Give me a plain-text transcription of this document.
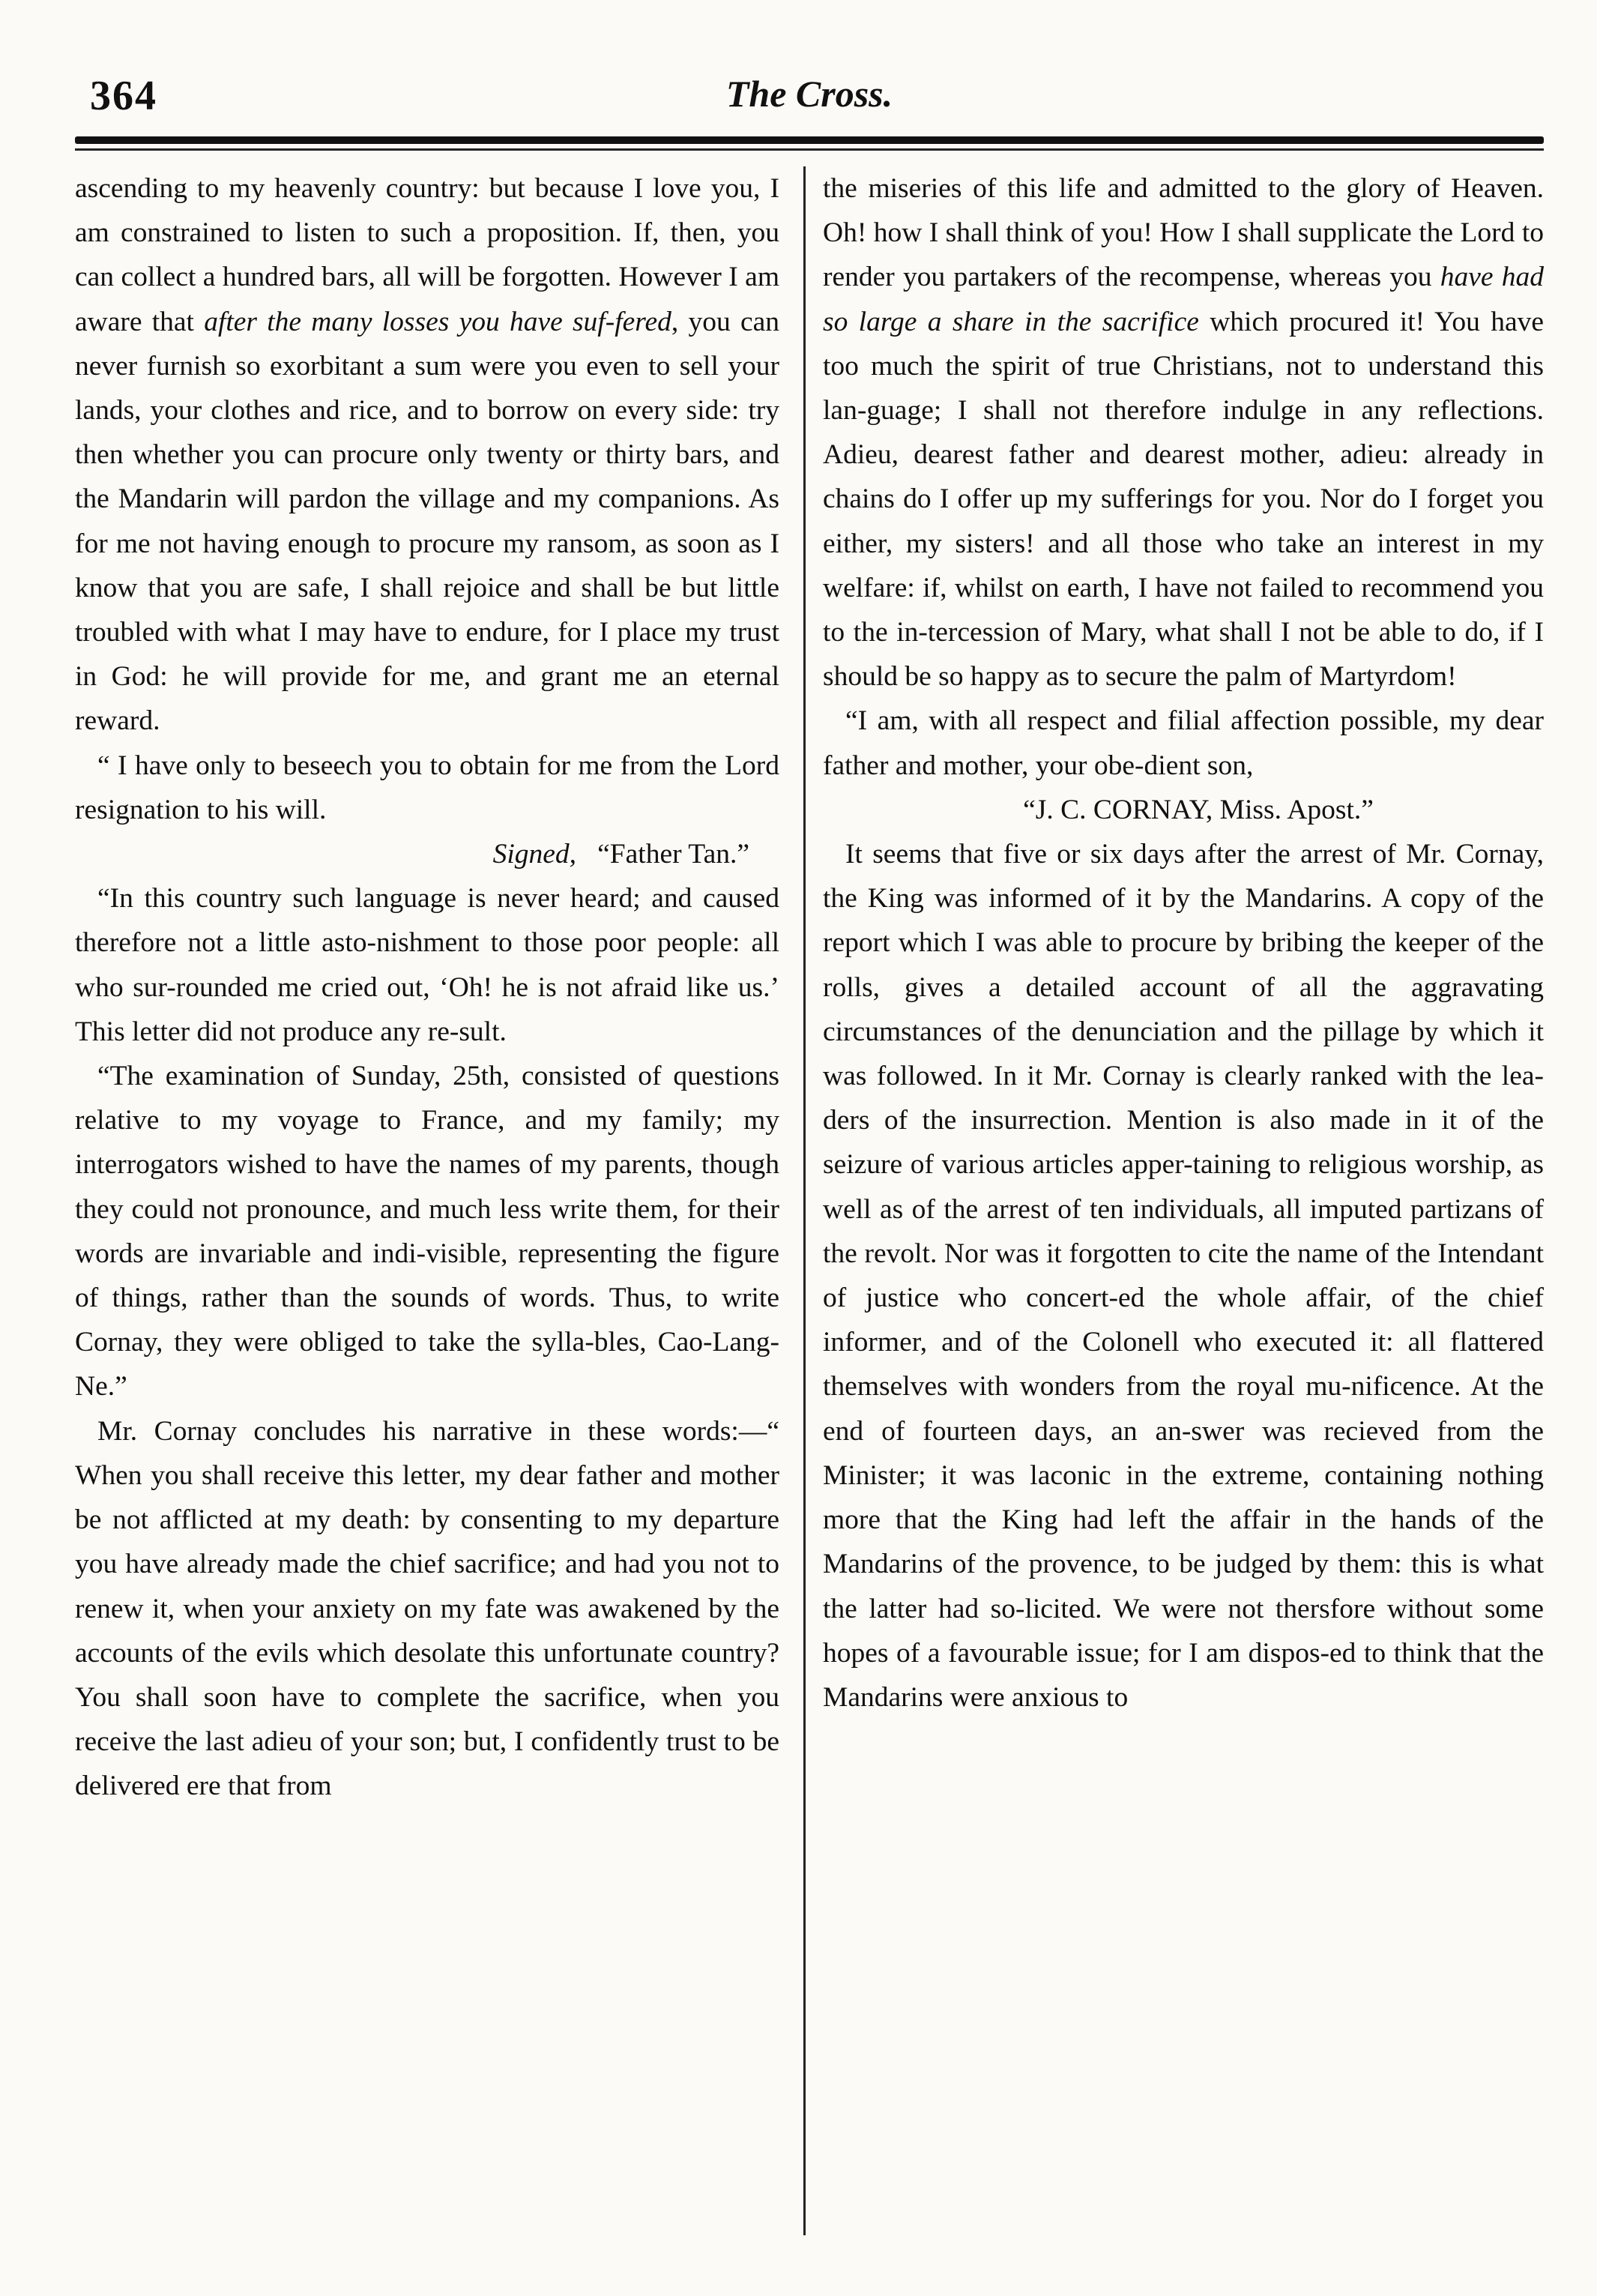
364	The Cross.

ascending to my heavenly country: but because I love you, I am constrained to listen to such a proposition. If, then, you can collect a hundred bars, all will be forgotten. However I am aware that after the many losses you have suf-fered, you can never furnish so exorbitant a sum were you even to sell your lands, your clothes and rice, and to borrow on every side: try then whether you can procure only twenty or thirty bars, and the Mandarin will pardon the village and my companions. As for me not having enough to procure my ransom, as soon as I know that you are safe, I shall rejoice and shall be but little troubled with what I may have to endure, for I place my trust in God: he will provide for me, and grant me an eternal reward.

“ I have only to beseech you to obtain for me from the Lord resignation to his will.

Signed, “Father Tan.”

“In this country such language is never heard; and caused therefore not a little asto-nishment to those poor people: all who sur-rounded me cried out, ‘Oh! he is not afraid like us.’ This letter did not produce any re-sult.

“The examination of Sunday, 25th, consisted of questions relative to my voyage to France, and my family; my interrogators wished to have the names of my parents, though they could not pronounce, and much less write them, for their words are invariable and indi-visible, representing the figure of things, rather than the sounds of words. Thus, to write Cornay, they were obliged to take the sylla-bles, Cao-Lang-Ne.”

Mr. Cornay concludes his narrative in these words:—“ When you shall receive this letter, my dear father and mother be not afflicted at my death: by consenting to my departure you have already made the chief sacrifice; and had you not to renew it, when your anxiety on my fate was awakened by the accounts of the evils which desolate this unfortunate country? You shall soon have to complete the sacrifice, when you receive the last adieu of your son; but, I confidently trust to be delivered ere that from

the miseries of this life and admitted to the glory of Heaven. Oh! how I shall think of you! How I shall supplicate the Lord to render you partakers of the recompense, whereas you have had so large a share in the sacrifice which procured it! You have too much the spirit of true Christians, not to understand this lan-guage; I shall not therefore indulge in any reflections. Adieu, dearest father and dearest mother, adieu: already in chains do I offer up my sufferings for you. Nor do I forget you either, my sisters! and all those who take an interest in my welfare: if, whilst on earth, I have not failed to recommend you to the in-tercession of Mary, what shall I not be able to do, if I should be so happy as to secure the palm of Martyrdom!

“I am, with all respect and filial affection possible, my dear father and mother, your obe-dient son,

“J. C. CORNAY, Miss. Apost.”

It seems that five or six days after the arrest of Mr. Cornay, the King was informed of it by the Mandarins. A copy of the report which I was able to procure by bribing the keeper of the rolls, gives a detailed account of all the aggravating circumstances of the denunciation and the pillage by which it was followed. In it Mr. Cornay is clearly ranked with the lea-ders of the insurrection. Mention is also made in it of the seizure of various articles apper-taining to religious worship, as well as of the arrest of ten individuals, all imputed partizans of the revolt. Nor was it forgotten to cite the name of the Intendant of justice who concert-ed the whole affair, of the chief informer, and of the Colonell who executed it: all flattered themselves with wonders from the royal mu-nificence. At the end of fourteen days, an an-swer was recieved from the Minister; it was laconic in the extreme, containing nothing more that the King had left the affair in the hands of the Mandarins of the provence, to be judged by them: this is what the latter had so-licited. We were not thersfore without some hopes of a favourable issue; for I am dispos-ed to think that the Mandarins were anxious to
